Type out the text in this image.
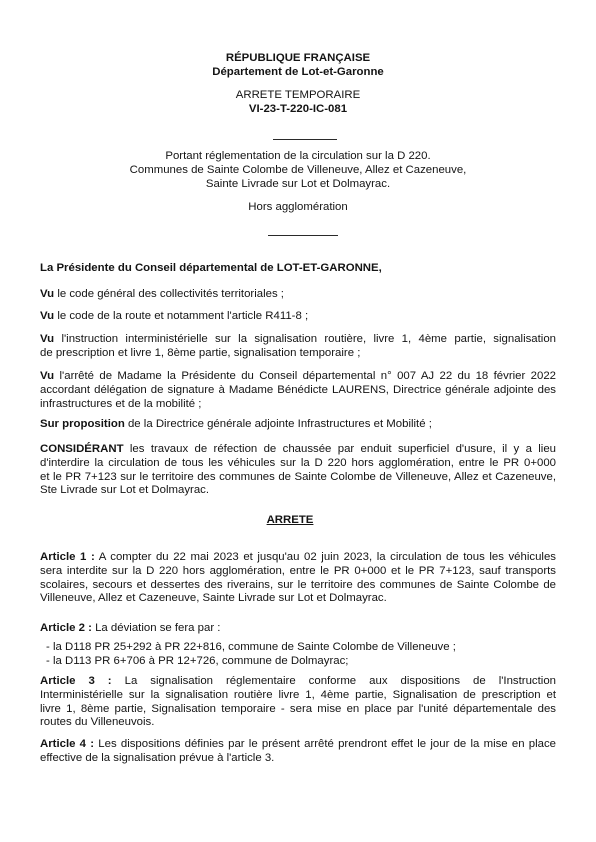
RÉPUBLIQUE FRANÇAISE
Département de Lot-et-Garonne
ARRETE TEMPORAIRE
VI-23-T-220-IC-081
Portant réglementation de la circulation sur la D 220.
Communes de Sainte Colombe de Villeneuve, Allez et Cazeneuve,
Sainte Livrade sur Lot et Dolmayrac.
Hors agglomération
La Présidente du Conseil départemental de LOT-ET-GARONNE,
Vu le code général des collectivités territoriales ;
Vu le code de la route et notamment l'article R411-8 ;
Vu l'instruction interministérielle sur la signalisation routière, livre 1, 4ème partie, signalisation
de prescription et livre 1, 8ème partie, signalisation temporaire ;
Vu l'arrêté de Madame la Présidente du Conseil départemental n° 007 AJ 22 du 18 février 2022
accordant délégation de signature à Madame Bénédicte LAURENS, Directrice générale adjointe des
infrastructures et de la mobilité ;
Sur proposition de la Directrice générale adjointe Infrastructures et Mobilité ;
CONSIDÉRANT les travaux de réfection de chaussée par enduit superficiel d'usure, il y a lieu
d'interdire la circulation de tous les véhicules sur la D 220 hors agglomération, entre le PR 0+000
et le PR 7+123 sur le territoire des communes de Sainte Colombe de Villeneuve, Allez et Cazeneuve,
Ste Livrade sur Lot et Dolmayrac.
ARRETE
Article 1 : A compter du 22 mai 2023 et jusqu'au 02 juin 2023, la circulation de tous les véhicules
sera interdite sur la D 220 hors agglomération, entre le PR 0+000 et le PR 7+123, sauf transports
scolaires, secours et dessertes des riverains, sur le territoire des communes de Sainte Colombe de
Villeneuve, Allez et Cazeneuve, Sainte Livrade sur Lot et Dolmayrac.
Article 2 : La déviation se fera par :
- la D118 PR 25+292 à PR 22+816, commune de Sainte Colombe de Villeneuve ;
- la D113 PR 6+706 à PR 12+726, commune de Dolmayrac;
Article 3 : La signalisation réglementaire conforme aux dispositions de l'Instruction
Interministérielle sur la signalisation routière livre 1, 4ème partie, Signalisation de prescription et
livre 1, 8ème partie, Signalisation temporaire - sera mise en place par l'unité départementale des
routes du Villeneuvois.
Article 4 : Les dispositions définies par le présent arrêté prendront effet le jour de la mise en place
effective de la signalisation prévue à l'article 3.
